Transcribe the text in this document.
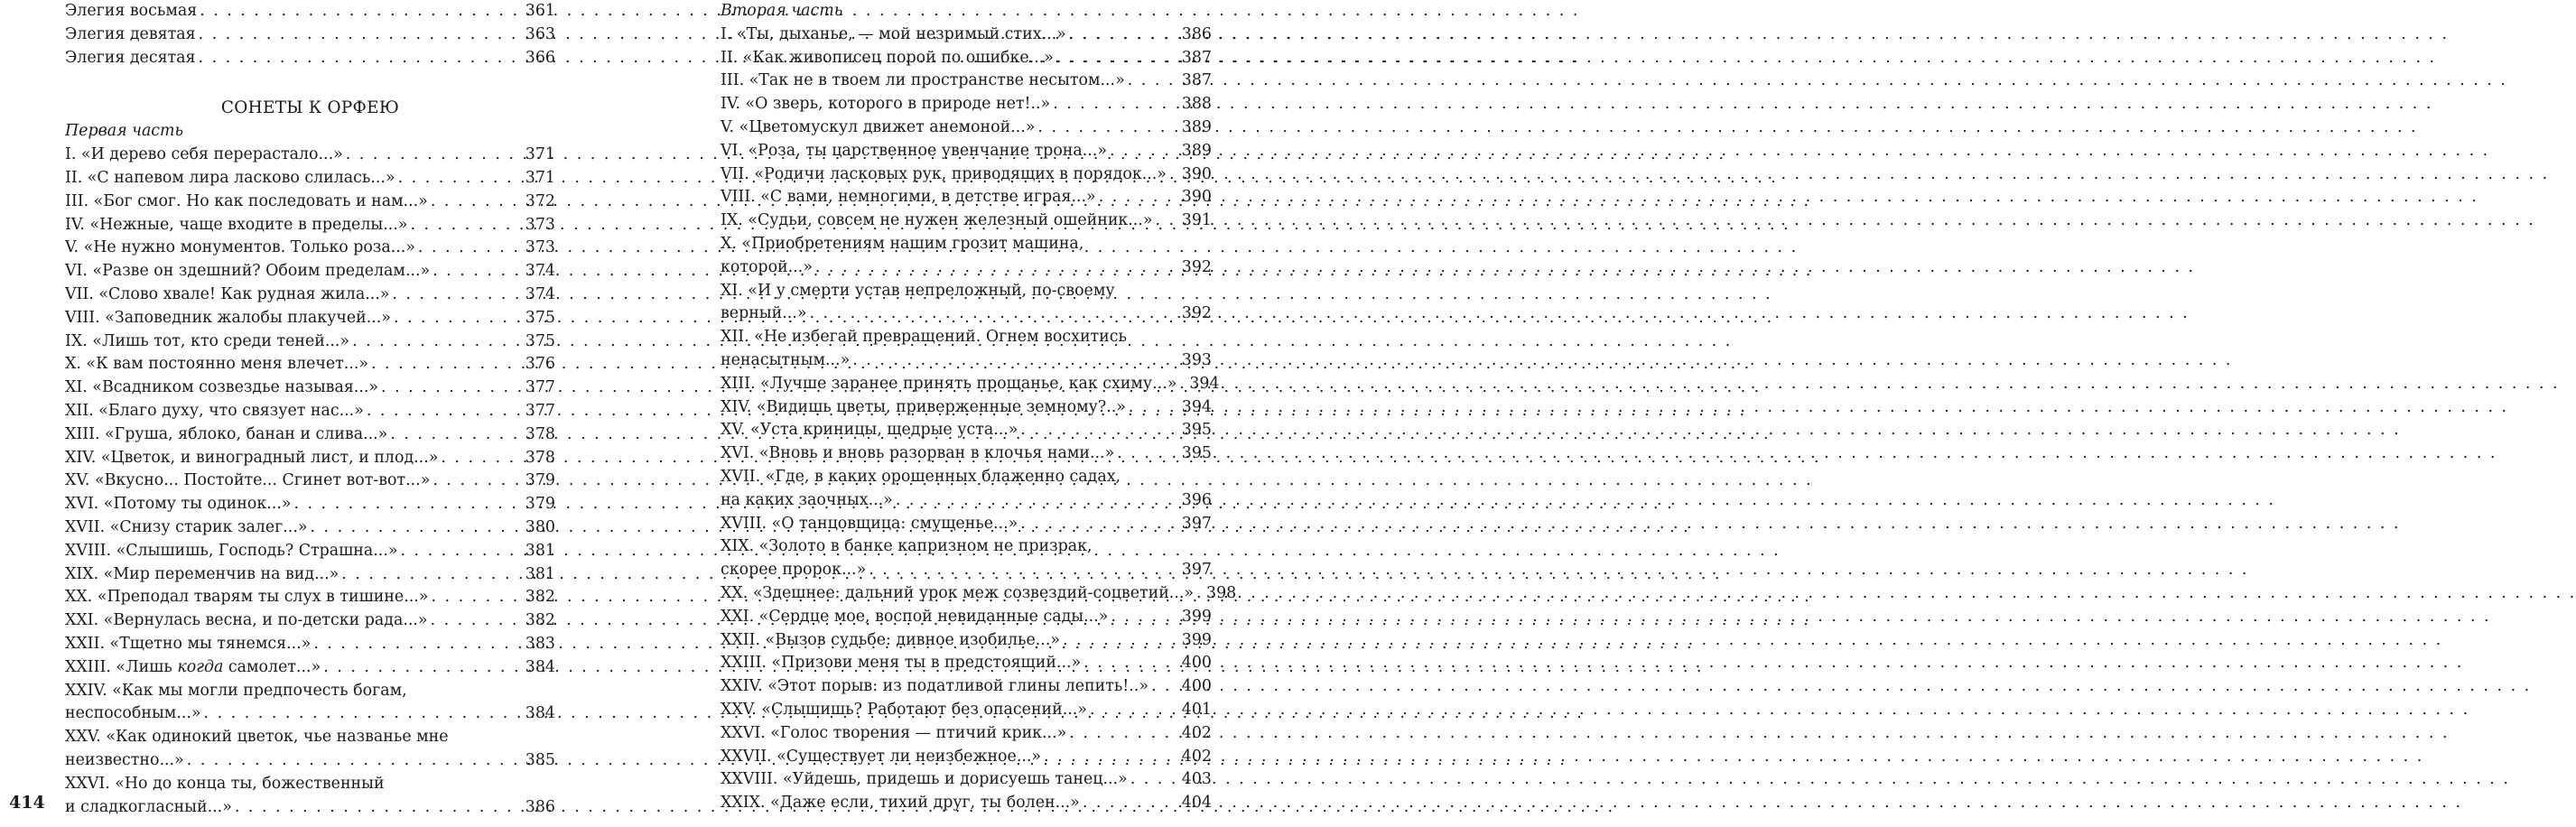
Элегия восьмая . . .	361
Элегия девятая . . .	363
Элегия десятая . . .	366
СОНЕТЫ К ОРФЕЮ
Первая часть
I. «И дерево себя перерастало...» . . .	371
II. «С напевом лира ласково слилась...» . . .	371
III. «Бог смог. Но как последовать и нам...» . . .	372
IV. «Нежные, чаще входите в пределы...» . . .	373
V. «Не нужно монументов. Только роза...» . . .	373
VI. «Разве он здешний? Обоим пределам...» . . .	374
VII. «Слово хвале! Как рудная жила...» . . .	374
VIII. «Заповедник жалобы плакучей...» . . .	375
IX. «Лишь тот, кто среди теней...» . . .	375
X. «К вам постоянно меня влечет...» . . .	376
XI. «Всадником созвездье называя...» . . .	377
XII. «Благо духу, что связует нас...» . . .	377
XIII. «Груша, яблоко, банан и слива...» . . .	378
XIV. «Цветок, и виноградный лист, и плод...» . . .	378
XV. «Вкусно... Постойте... Сгинет вот-вот...» . . .	379
XVI. «Потому ты одинок...» . . .	379
XVII. «Снизу старик залег...» . . .	380
XVIII. «Слышишь, Господь? Страшна...» . . .	381
XIX. «Мир переменчив на вид...» . . .	381
XX. «Преподал тварям ты слух в тишине...» . . .	382
XXI. «Вернулась весна, и по-детски рада...» . . .	382
XXII. «Тщетно мы тянемся...» . . .	383
XXIII. «Лишь когда самолет...» . . .	384
XXIV. «Как мы могли предпочесть богам,
неспособным...» . . .	384
XXV. «Как одинокий цветок, чье названье мне
неизвестно...» . . .	385
XXVI. «Но до конца ты, божественный
и сладкогласный...» . . .	386
414
Вторая часть
I. «Ты, дыханье, — мой незримый стих...» . . .	386
II. «Как живописец порой по ошибке...» . . .	387
III. «Так не в твоем ли пространстве несытом...» . . .	387
IV. «О зверь, которого в природе нет!..» . . .	388
V. «Цветомускул движет анемоной...» . . .	389
VI. «Роза, ты царственное увенчание трона...» . . .	389
VII. «Родичи ласковых рук, приводящих в порядок...» . . . 390
VIII. «С вами, немногими, в детстве играя...» . . .	390
IX. «Судьи, совсем не нужен железный ошейник...» . . . 391
X. «Приобретениям нашим грозит машина,
которой...» . . .	392
XI. «И у смерти устав непреложный, по-своему
верный...» . . .	392
XII. «Не избегай превращений. Огнем восхитись
ненасытным...» . . .	393
XIII. «Лучше заранее принять прощанье, как схиму...» . . . 394
XIV. «Видишь цветы, приверженные земному?..» . . .	394
XV. «Уста криницы, щедрые уста...» . . .	395
XVI. «Вновь и вновь разорван в клочья нами...» . . .	395
XVII. «Где, в каких орошенных блаженно садах,
на каких заочных...» . . .	396
XVIII. «О танцовщица: смущенье...» . . .	397
XIX. «Золото в банке капризном не призрак,
скорее пророк...» . . .	397
XX. «Здешнее: дальний урок меж созвездий-соцветий...» . . . 398
XXI. «Сердце мое, воспой невиданные сады...» . . .	399
XXII. «Вызов судьбе: дивное изобилье...» . . .	399
XXIII. «Призови меня ты в предстоящий...» . . .	400
XXIV. «Этот порыв: из податливой глины лепить!..» . . . 400
XXV. «Слышишь? Работают без опасений...» . . .	401
XXVI. «Голос творения — птичий крик...» . . .	402
XXVII. «Существует ли неизбежное...» . . .	402
XXVIII. «Уйдешь, придешь и дорисуешь танец...» . . .	403
XXIX. «Даже если, тихий друг, ты болен...» . . .	404
